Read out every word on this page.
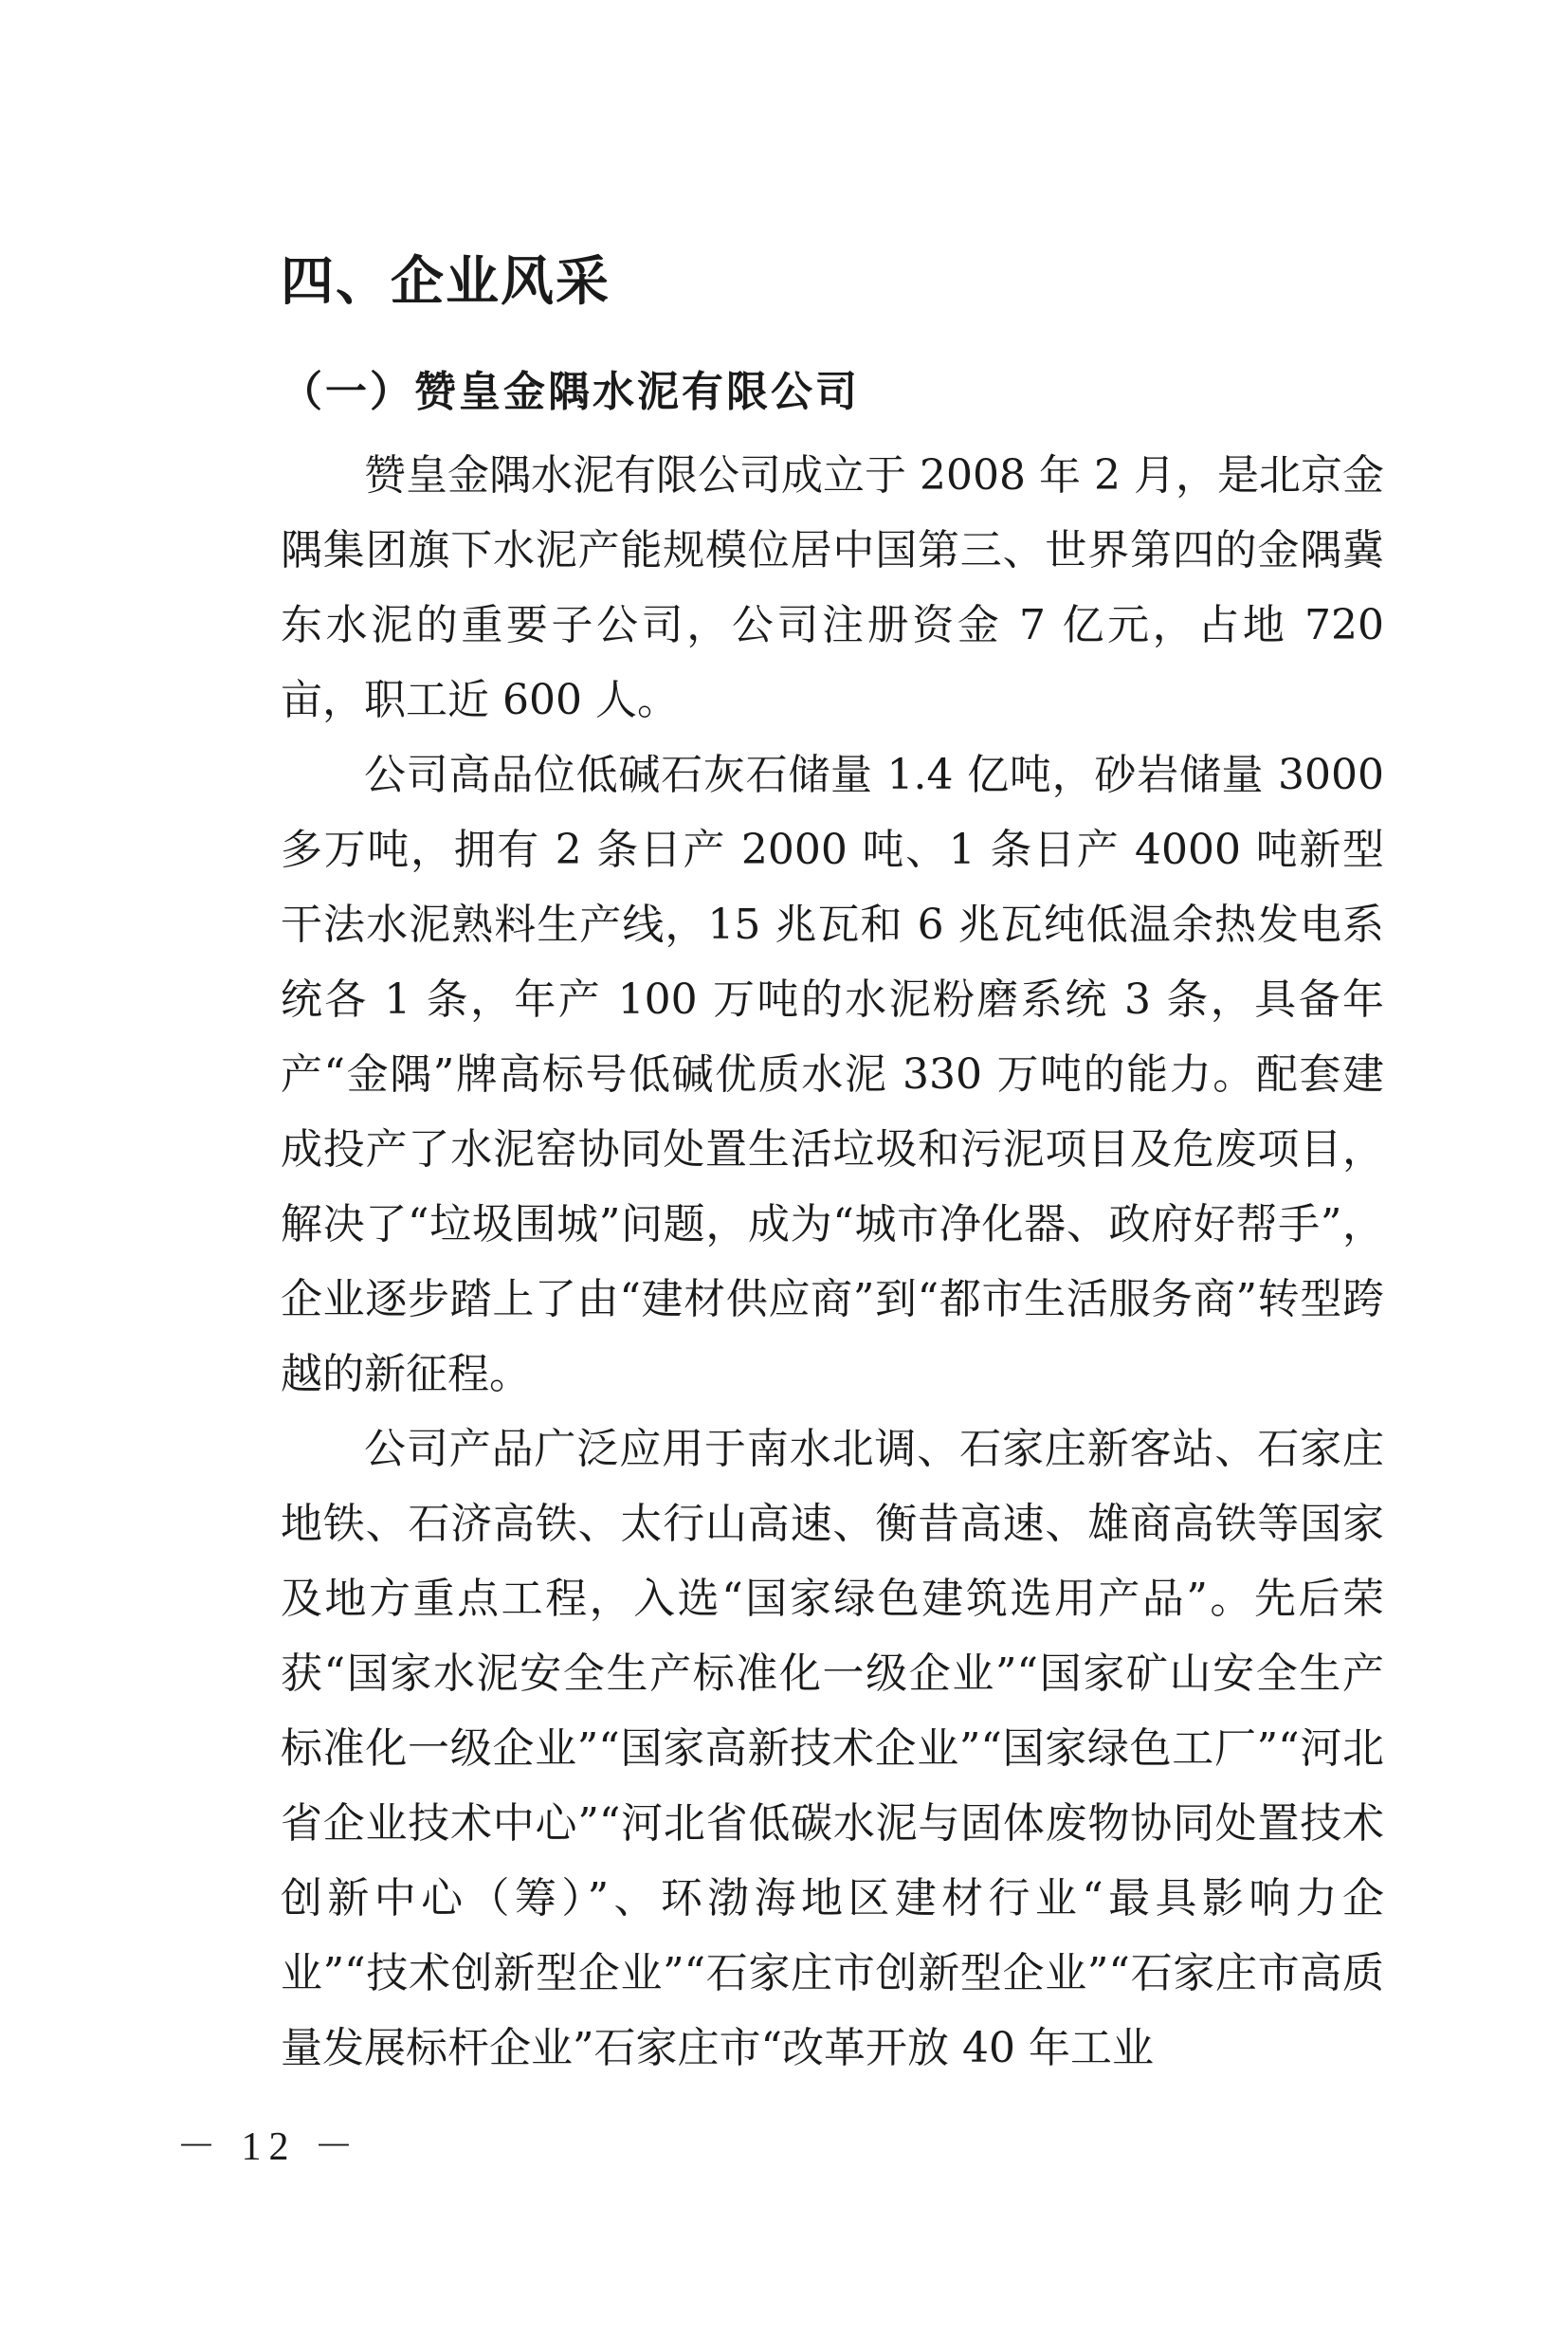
四、企业风采
（一）赞皇金隅水泥有限公司

赞皇金隅水泥有限公司成立于 2008 年 2 月，是北京金隅集团旗下水泥产能规模位居中国第三、世界第四的金隅冀东水泥的重要子公司，公司注册资金 7 亿元，占地 720 亩，职工近 600 人。

公司高品位低碱石灰石储量 1.4 亿吨，砂岩储量 3000 多万吨，拥有 2 条日产 2000 吨、1 条日产 4000 吨新型干法水泥熟料生产线，15 兆瓦和 6 兆瓦纯低温余热发电系统各 1 条，年产 100 万吨的水泥粉磨系统 3 条，具备年产“金隅”牌高标号低碱优质水泥 330 万吨的能力。配套建成投产了水泥窑协同处置生活垃圾和污泥项目及危废项目，解决了“垃圾围城”问题，成为“城市净化器、政府好帮手”，企业逐步踏上了由“建材供应商”到“都市生活服务商”转型跨越的新征程。

公司产品广泛应用于南水北调、石家庄新客站、石家庄地铁、石济高铁、太行山高速、衡昔高速、雄商高铁等国家及地方重点工程，入选“国家绿色建筑选用产品”。先后荣获“国家水泥安全生产标准化一级企业”“国家矿山安全生产标准化一级企业”“国家高新技术企业”“国家绿色工厂”“河北省企业技术中心”“河北省低碳水泥与固体废物协同处置技术创新中心（筹）”、环渤海地区建材行业“最具影响力企业”“技术创新型企业”“石家庄市创新型企业”“石家庄市高质量发展标杆企业”石家庄市“改革开放 40 年工业

－ 12 －
